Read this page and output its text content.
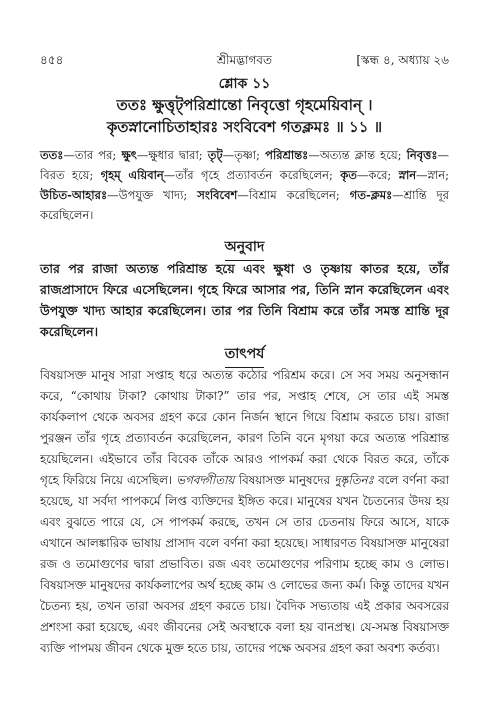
৪৫৪	শ্রীমদ্ভাগবত	[স্কন্ধ ৪, অধ্যায় ২৬
শ্লোক ১১
ততঃ ক্ষুত্তৃট্‌পরিশ্রান্তো নিবৃত্তো গৃহমেয়িবান্‌ ।
কৃতস্নানোচিতাহারঃ সংবিবেশ গতক্লমঃ ॥ ১১ ॥
ততঃ—তার পর; ক্ষুৎ—ক্ষুধার দ্বারা; তৃট্‌—তৃষ্ণা; পরিশ্রান্তঃ—অত্যন্ত ক্লান্ত হয়ে; নিবৃত্তঃ—বিরত হয়ে; গৃহম্‌ এয়িবান্‌—তাঁর গৃহে প্রত্যাবর্তন করেছিলেন; কৃত—করে; স্নান—স্নান; উচিত-আহারঃ—উপযুক্ত খাদ্য; সংবিবেশ—বিশ্রাম করেছিলেন; গত-ক্লমঃ—শ্রান্তি দূর করেছিলেন।
অনুবাদ
তার পর রাজা অত্যন্ত পরিশ্রান্ত হয়ে এবং ক্ষুধা ও তৃষ্ণায় কাতর হয়ে, তাঁর রাজপ্রাসাদে ফিরে এসেছিলেন। গৃহে ফিরে আসার পর, তিনি স্নান করেছিলেন এবং উপযুক্ত খাদ্য আহার করেছিলেন। তার পর তিনি বিশ্রাম করে তাঁর সমস্ত শ্রান্তি দূর করেছিলেন।
তাৎপর্য
বিষয়াসক্ত মানুষ সারা সপ্তাহ ধরে অত্যন্ত কঠোর পরিশ্রম করে। সে সব সময় অনুসন্ধান করে, “কোথায় টাকা? কোথায় টাকা?” তার পর, সপ্তাহ শেষে, সে তার এই সমস্ত কার্যকলাপ থেকে অবসর গ্রহণ করে কোন নির্জন স্থানে গিয়ে বিশ্রাম করতে চায়। রাজা পুরঞ্জন তাঁর গৃহে প্রত্যাবর্তন করেছিলেন, কারণ তিনি বনে মৃগয়া করে অত্যন্ত পরিশ্রান্ত হয়েছিলেন। এইভাবে তাঁর বিবেক তাঁকে আরও পাপকর্ম করা থেকে বিরত করে, তাঁকে গৃহে ফিরিয়ে নিয়ে এসেছিল। ভগবদ্গীতায় বিষয়াসক্ত মানুষদের দুষ্কৃতিনঃ বলে বর্ণনা করা হয়েছে, যা সর্বদা পাপকর্মে লিপ্ত ব্যক্তিদের ইঙ্গিত করে। মানুষের যখন চৈতন্যের উদয় হয় এবং বুঝতে পারে যে, সে পাপকর্ম করছে, তখন সে তার চেতনায় ফিরে আসে, যাকে এখানে আলঙ্কারিক ভাষায় প্রাসাদ বলে বর্ণনা করা হয়েছে। সাধারণত বিষয়াসক্ত মানুষেরা রজ ও তমোগুণের দ্বারা প্রভাবিত। রজ এবং তমোগুণের পরিণাম হচ্ছে কাম ও লোভ। বিষয়াসক্ত মানুষদের কার্যকলাপের অর্থ হচ্ছে কাম ও লোভের জন্য কর্ম। কিন্তু তাদের যখন চৈতন্য হয়, তখন তারা অবসর গ্রহণ করতে চায়। বৈদিক সভ্যতায় এই প্রকার অবসরের প্রশংসা করা হয়েছে, এবং জীবনের সেই অবস্থাকে বলা হয় বানপ্রস্থ। যে-সমস্ত বিষয়াসক্ত ব্যক্তি পাপময় জীবন থেকে মুক্ত হতে চায়, তাদের পক্ষে অবসর গ্রহণ করা অবশ্য কর্তব্য।
